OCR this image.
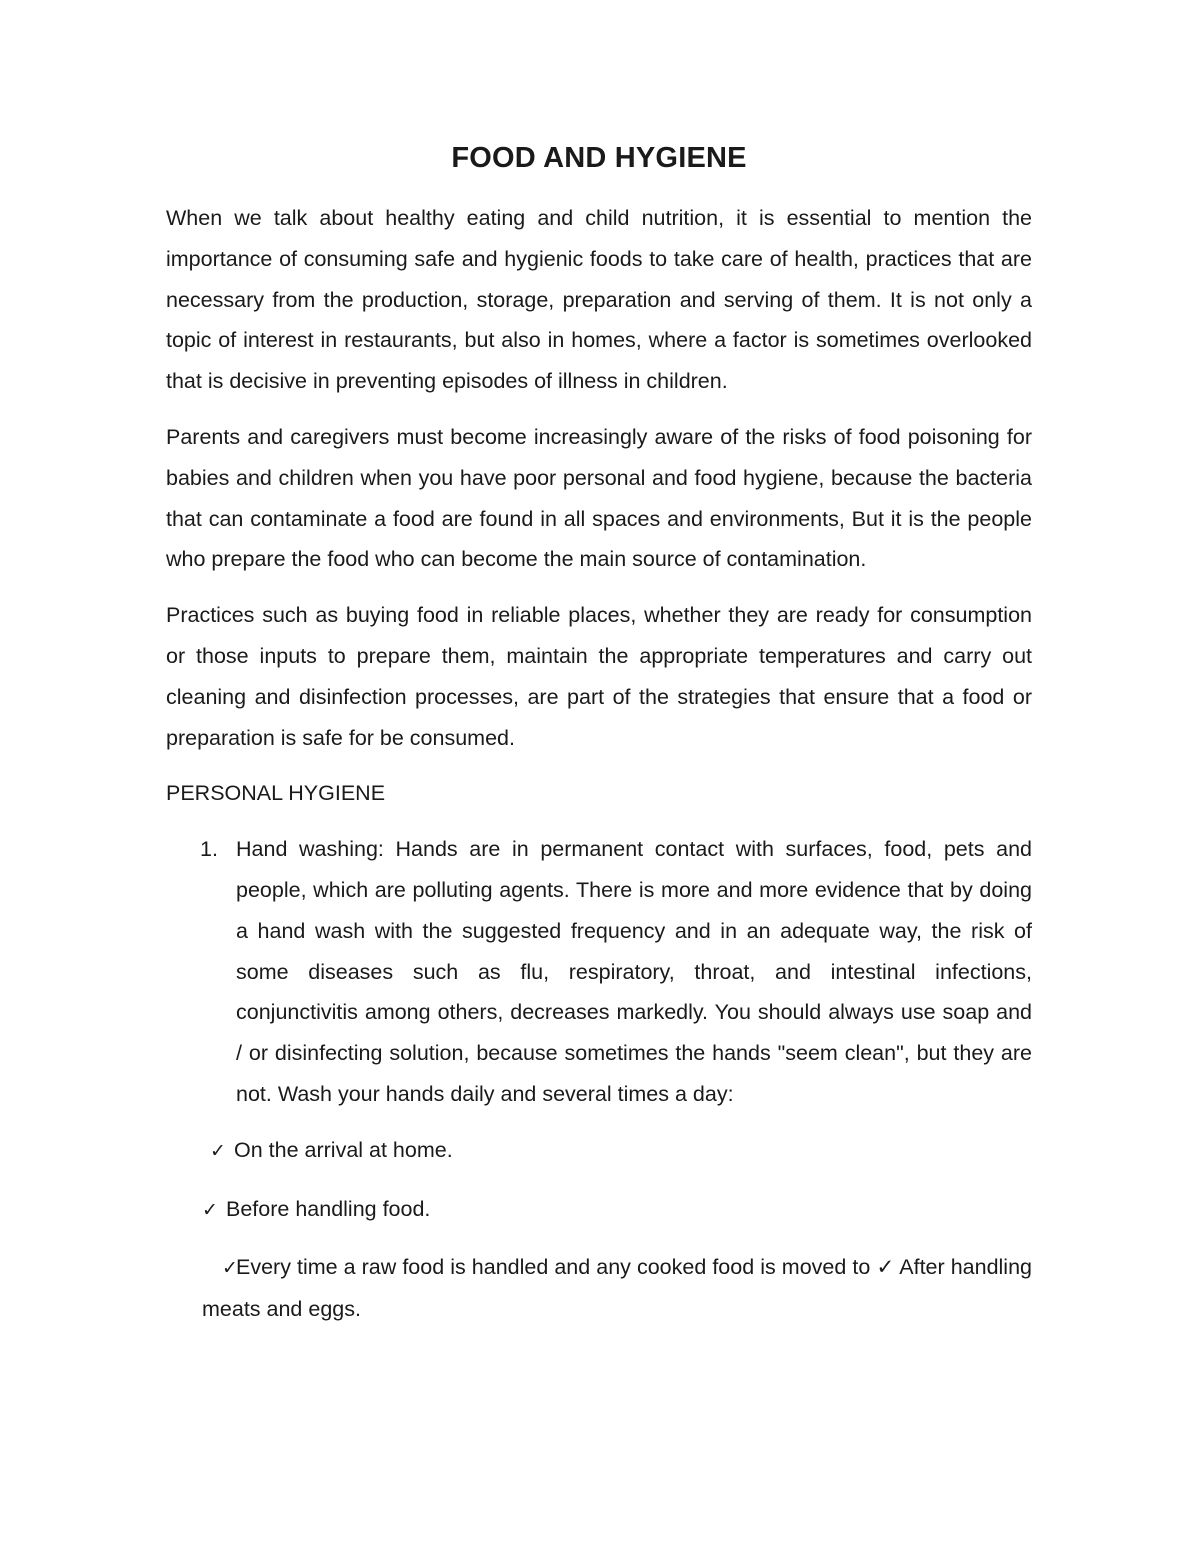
FOOD AND HYGIENE

When we talk about healthy eating and child nutrition, it is essential to mention the importance of consuming safe and hygienic foods to take care of health, practices that are necessary from the production, storage, preparation and serving of them. It is not only a topic of interest in restaurants, but also in homes, where a factor is sometimes overlooked that is decisive in preventing episodes of illness in children.

Parents and caregivers must become increasingly aware of the risks of food poisoning for babies and children when you have poor personal and food hygiene, because the bacteria that can contaminate a food are found in all spaces and environments, But it is the people who prepare the food who can become the main source of contamination.

Practices such as buying food in reliable places, whether they are ready for consumption or those inputs to prepare them, maintain the appropriate temperatures and carry out cleaning and disinfection processes, are part of the strategies that ensure that a food or preparation is safe for be consumed.

PERSONAL HYGIENE
1. Hand washing: Hands are in permanent contact with surfaces, food, pets and people, which are polluting agents. There is more and more evidence that by doing a hand wash with the suggested frequency and in an adequate way, the risk of some diseases such as flu, respiratory, throat, and intestinal infections, conjunctivitis among others, decreases markedly. You should always use soap and / or disinfecting solution, because sometimes the hands "seem clean", but they are not. Wash your hands daily and several times a day:
✓ On the arrival at home.
✓ Before handling food.
✓Every time a raw food is handled and any cooked food is moved to ✓ After handling meats and eggs.
